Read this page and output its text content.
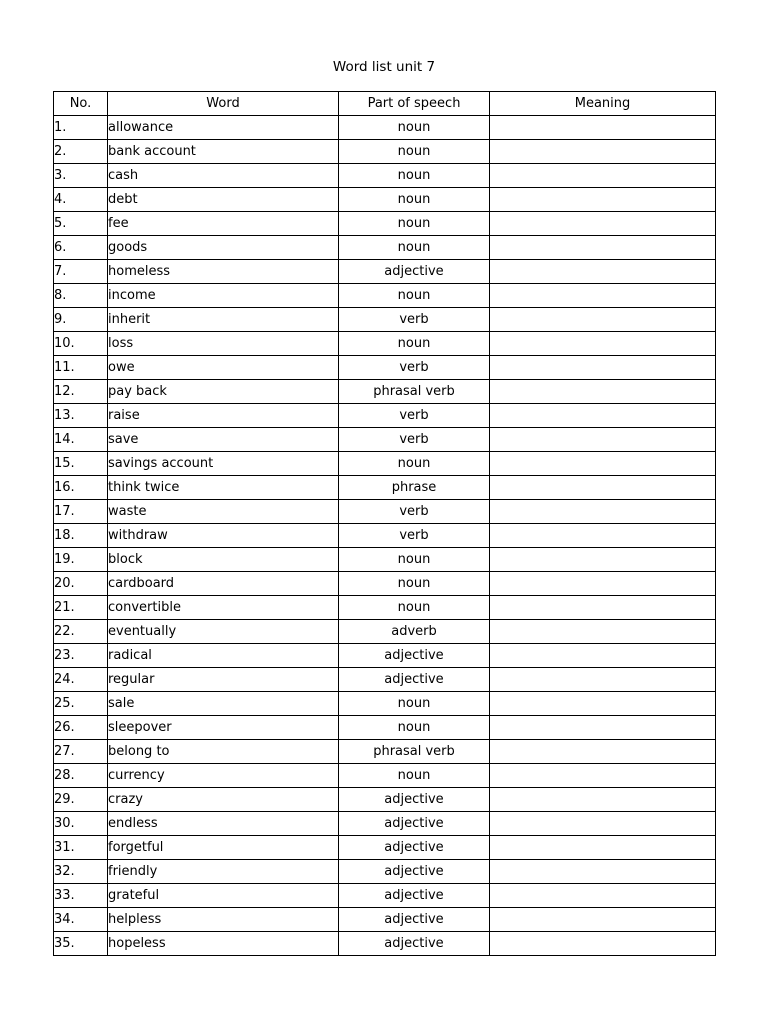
Word list unit 7
No.	Word	Part of speech	Meaning
1.	allowance	noun	
2.	bank account	noun	
3.	cash	noun	
4.	debt	noun	
5.	fee	noun	
6.	goods	noun	
7.	homeless	adjective	
8.	income	noun	
9.	inherit	verb	
10.	loss	noun	
11.	owe	verb	
12.	pay back	phrasal verb	
13.	raise	verb	
14.	save	verb	
15.	savings account	noun	
16.	think twice	phrase	
17.	waste	verb	
18.	withdraw	verb	
19.	block	noun	
20.	cardboard	noun	
21.	convertible	noun	
22.	eventually	adverb	
23.	radical	adjective	
24.	regular	adjective	
25.	sale	noun	
26.	sleepover	noun	
27.	belong to	phrasal verb	
28.	currency	noun	
29.	crazy	adjective	
30.	endless	adjective	
31.	forgetful	adjective	
32.	friendly	adjective	
33.	grateful	adjective	
34.	helpless	adjective	
35.	hopeless	adjective	
